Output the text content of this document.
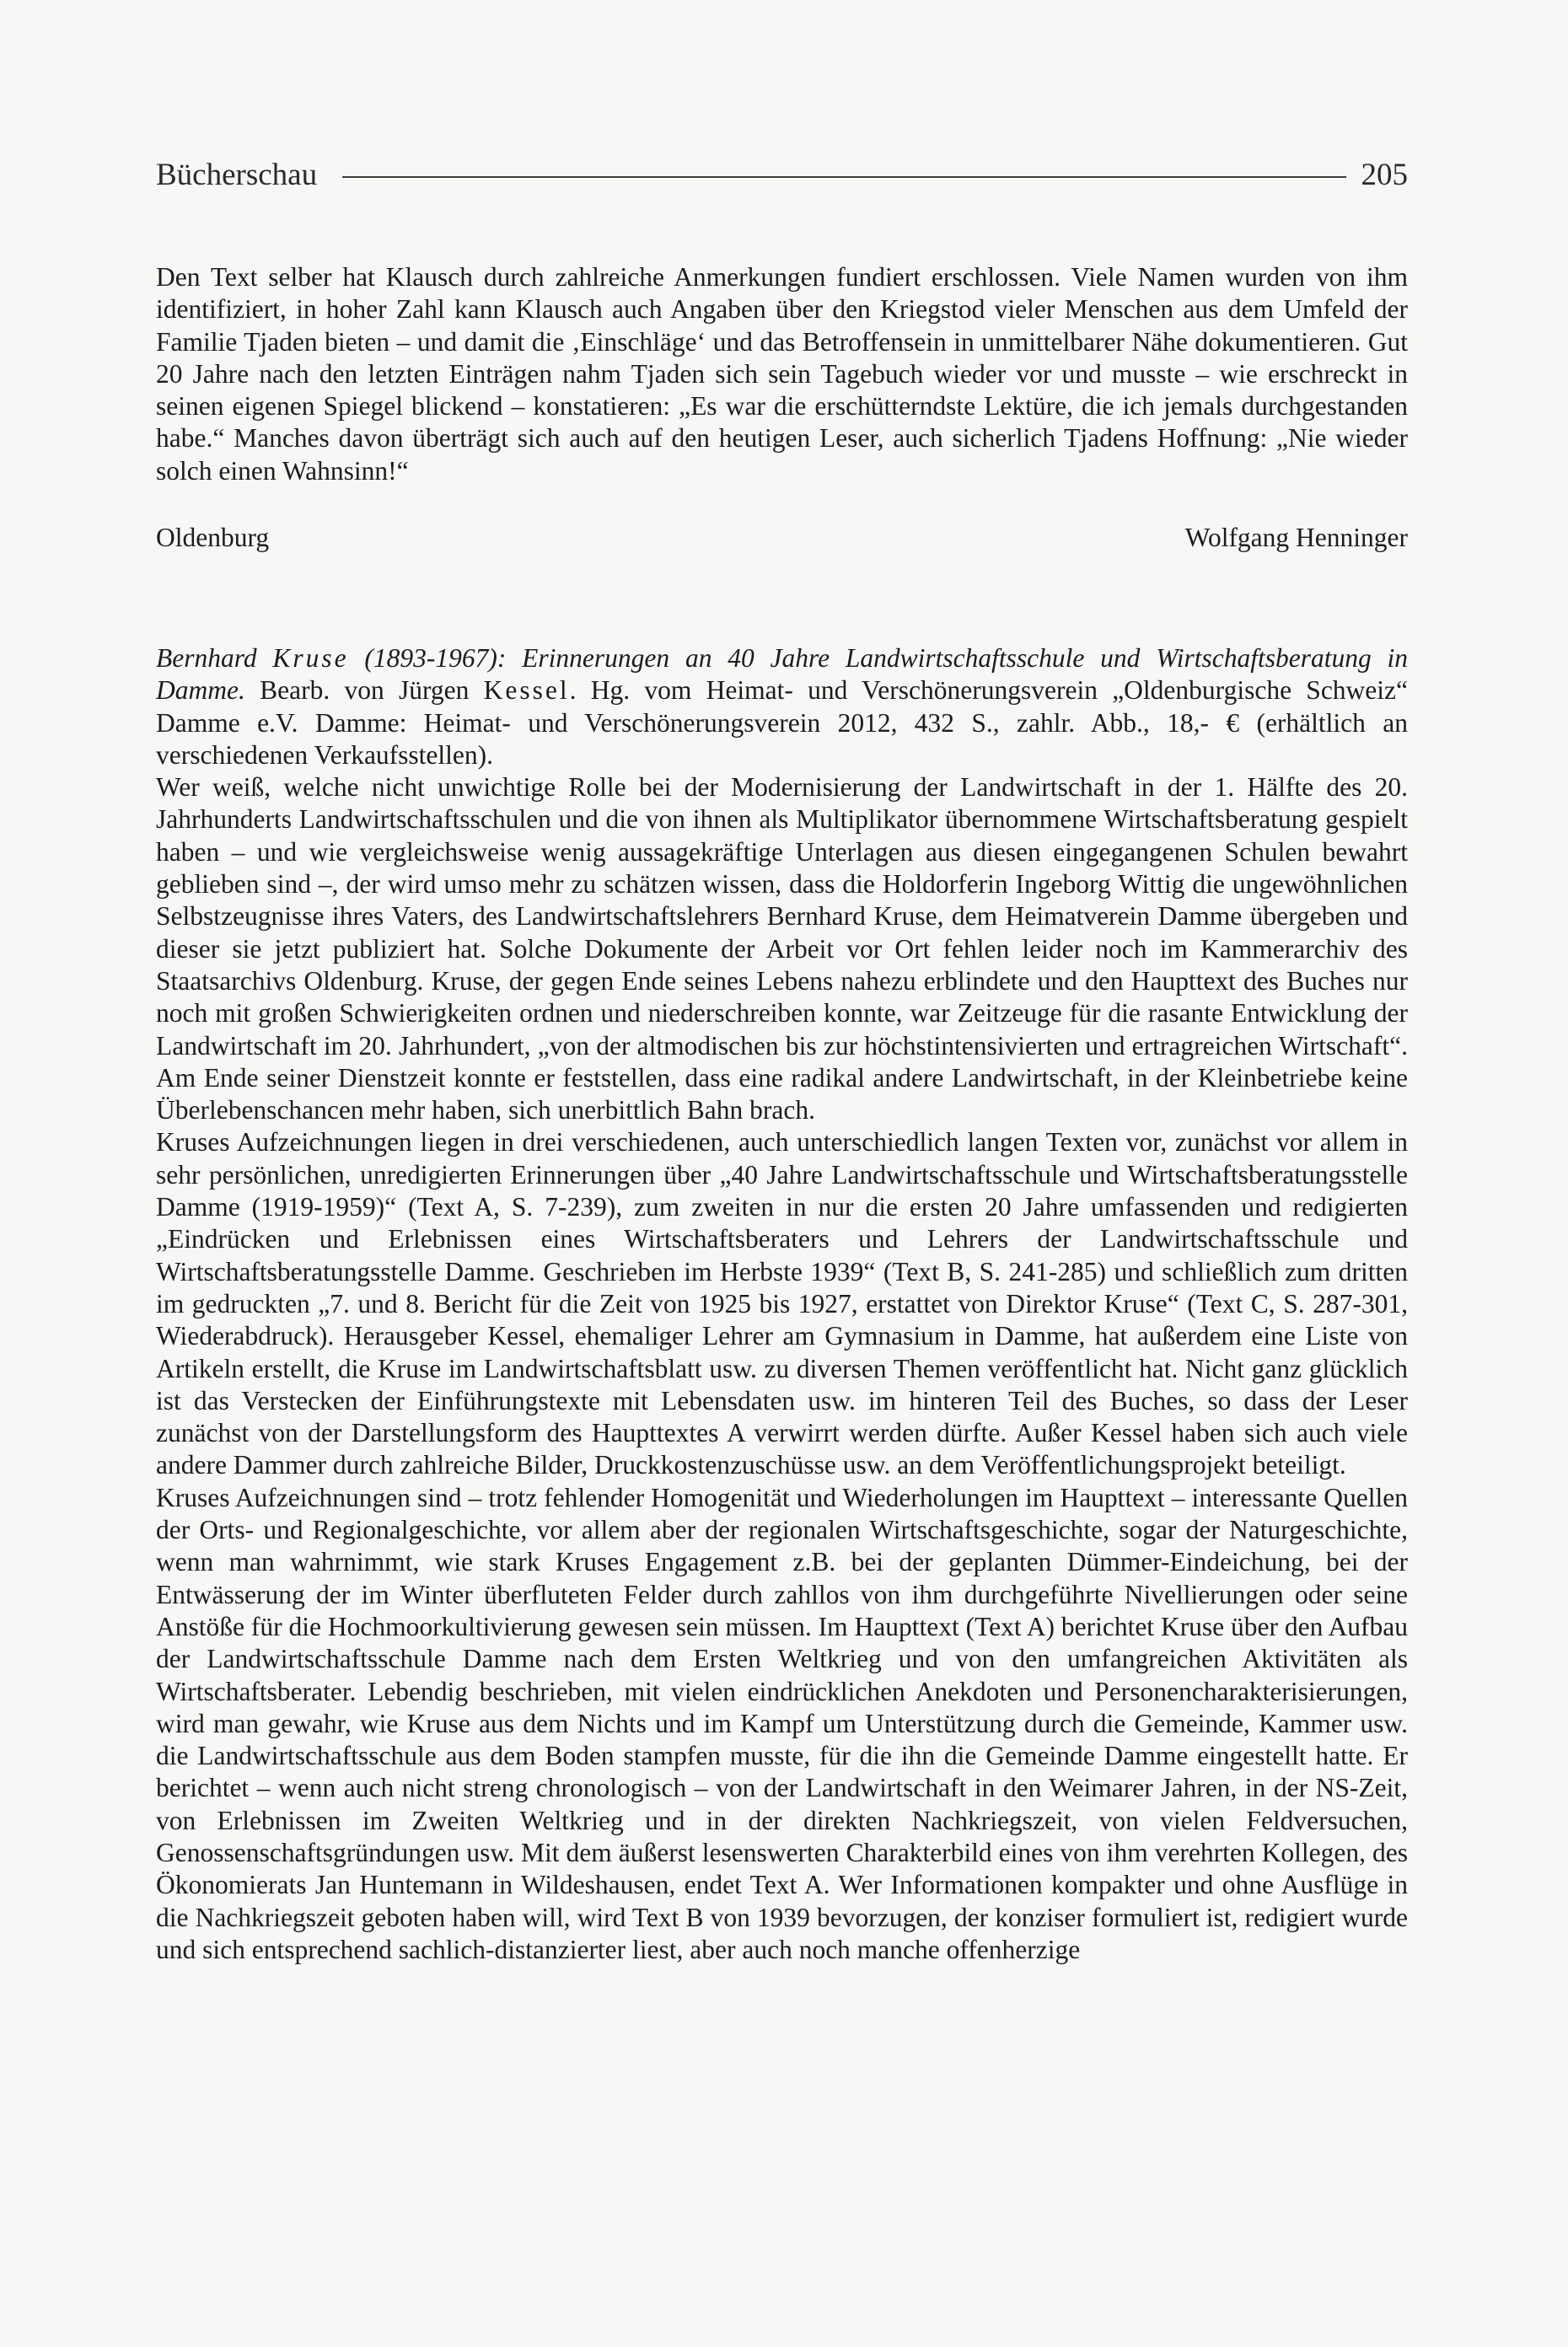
Bücherschau	205

Den Text selber hat Klausch durch zahlreiche Anmerkungen fundiert erschlossen. Viele Namen wurden von ihm identifiziert, in hoher Zahl kann Klausch auch Angaben über den Kriegstod vieler Menschen aus dem Umfeld der Familie Tjaden bieten – und damit die ‚Einschläge‘ und das Betroffensein in unmittelbarer Nähe dokumentieren. Gut 20 Jahre nach den letzten Einträgen nahm Tjaden sich sein Tagebuch wieder vor und musste – wie erschreckt in seinen eigenen Spiegel blickend – konstatieren: „Es war die erschütterndste Lektüre, die ich jemals durchgestanden habe.“ Manches davon überträgt sich auch auf den heutigen Leser, auch sicherlich Tjadens Hoffnung: „Nie wieder solch einen Wahnsinn!“

Oldenburg	Wolfgang Henninger

Bernhard Kruse (1893-1967): Erinnerungen an 40 Jahre Landwirtschaftsschule und Wirtschaftsberatung in Damme. Bearb. von Jürgen Kessel. Hg. vom Heimat- und Verschönerungsverein „Oldenburgische Schweiz“ Damme e.V. Damme: Heimat- und Verschönerungsverein 2012, 432 S., zahlr. Abb., 18,- € (erhältlich an verschiedenen Verkaufsstellen).

Wer weiß, welche nicht unwichtige Rolle bei der Modernisierung der Landwirtschaft in der 1. Hälfte des 20. Jahrhunderts Landwirtschaftsschulen und die von ihnen als Multiplikator übernommene Wirtschaftsberatung gespielt haben – und wie vergleichsweise wenig aussagekräftige Unterlagen aus diesen eingegangenen Schulen bewahrt geblieben sind –, der wird umso mehr zu schätzen wissen, dass die Holdorferin Ingeborg Wittig die ungewöhnlichen Selbstzeugnisse ihres Vaters, des Landwirtschaftslehrers Bernhard Kruse, dem Heimatverein Damme übergeben und dieser sie jetzt publiziert hat. Solche Dokumente der Arbeit vor Ort fehlen leider noch im Kammerarchiv des Staatsarchivs Oldenburg. Kruse, der gegen Ende seines Lebens nahezu erblindete und den Haupttext des Buches nur noch mit großen Schwierigkeiten ordnen und niederschreiben konnte, war Zeitzeuge für die rasante Entwicklung der Landwirtschaft im 20. Jahrhundert, „von der altmodischen bis zur höchstintensivierten und ertragreichen Wirtschaft“. Am Ende seiner Dienstzeit konnte er feststellen, dass eine radikal andere Landwirtschaft, in der Kleinbetriebe keine Überlebenschancen mehr haben, sich unerbittlich Bahn brach.

Kruses Aufzeichnungen liegen in drei verschiedenen, auch unterschiedlich langen Texten vor, zunächst vor allem in sehr persönlichen, unredigierten Erinnerungen über „40 Jahre Landwirtschaftsschule und Wirtschaftsberatungsstelle Damme (1919-1959)“ (Text A, S. 7-239), zum zweiten in nur die ersten 20 Jahre umfassenden und redigierten „Eindrücken und Erlebnissen eines Wirtschaftsberaters und Lehrers der Landwirtschaftsschule und Wirtschaftsberatungsstelle Damme. Geschrieben im Herbste 1939“ (Text B, S. 241-285) und schließlich zum dritten im gedruckten „7. und 8. Bericht für die Zeit von 1925 bis 1927, erstattet von Direktor Kruse“ (Text C, S. 287-301, Wiederabdruck). Herausgeber Kessel, ehemaliger Lehrer am Gymnasium in Damme, hat außerdem eine Liste von Artikeln erstellt, die Kruse im Landwirtschaftsblatt usw. zu diversen Themen veröffentlicht hat. Nicht ganz glücklich ist das Verstecken der Einführungstexte mit Lebensdaten usw. im hinteren Teil des Buches, so dass der Leser zunächst von der Darstellungsform des Haupttextes A verwirrt werden dürfte. Außer Kessel haben sich auch viele andere Dammer durch zahlreiche Bilder, Druckkostenzuschüsse usw. an dem Veröffentlichungsprojekt beteiligt.

Kruses Aufzeichnungen sind – trotz fehlender Homogenität und Wiederholungen im Haupttext – interessante Quellen der Orts- und Regionalgeschichte, vor allem aber der regionalen Wirtschaftsgeschichte, sogar der Naturgeschichte, wenn man wahrnimmt, wie stark Kruses Engagement z.B. bei der geplanten Dümmer-Eindeichung, bei der Entwässerung der im Winter überfluteten Felder durch zahllos von ihm durchgeführte Nivellierungen oder seine Anstöße für die Hochmoorkultivierung gewesen sein müssen. Im Haupttext (Text A) berichtet Kruse über den Aufbau der Landwirtschaftsschule Damme nach dem Ersten Weltkrieg und von den umfangreichen Aktivitäten als Wirtschaftsberater. Lebendig beschrieben, mit vielen eindrücklichen Anekdoten und Personencharakterisierungen, wird man gewahr, wie Kruse aus dem Nichts und im Kampf um Unterstützung durch die Gemeinde, Kammer usw. die Landwirtschaftsschule aus dem Boden stampfen musste, für die ihn die Gemeinde Damme eingestellt hatte. Er berichtet – wenn auch nicht streng chronologisch – von der Landwirtschaft in den Weimarer Jahren, in der NS-Zeit, von Erlebnissen im Zweiten Weltkrieg und in der direkten Nachkriegszeit, von vielen Feldversuchen, Genossenschaftsgründungen usw. Mit dem äußerst lesenswerten Charakterbild eines von ihm verehrten Kollegen, des Ökonomierats Jan Huntemann in Wildeshausen, endet Text A. Wer Informationen kompakter und ohne Ausflüge in die Nachkriegszeit geboten haben will, wird Text B von 1939 bevorzugen, der konziser formuliert ist, redigiert wurde und sich entsprechend sachlich-distanzierter liest, aber auch noch manche offenherzige
